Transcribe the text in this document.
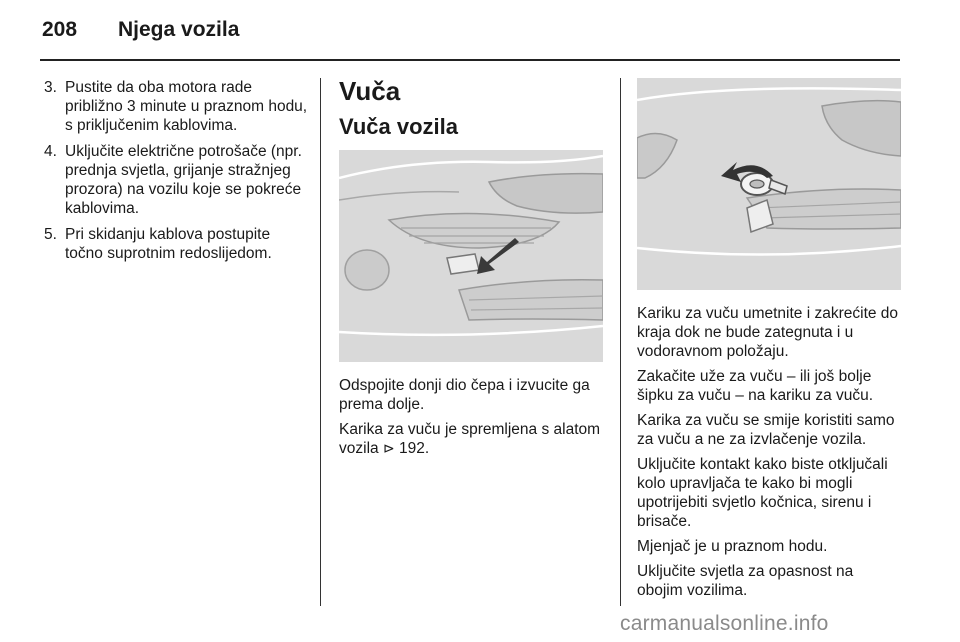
208 Njega vozila
3. Pustite da oba motora rade približno 3 minute u praznom hodu, s priključenim kablovima.
4. Uključite električne potrošače (npr. prednja svjetla, grijanje stražnjeg prozora) na vozilu koje se pokreće kablovima.
5. Pri skidanju kablova postupite točno suprotnim redoslijedom.
Vuča
Vuča vozila

Odspojite donji dio čepa i izvucite ga prema dolje.

Karika za vuču je spremljena s alatom vozila ⊳ 192.

Kariku za vuču umetnite i zakrećite do kraja dok ne bude zategnuta i u vodoravnom položaju.

Zakačite uže za vuču – ili još bolje šipku za vuču – na kariku za vuču.

Karika za vuču se smije koristiti samo za vuču a ne za izvlačenje vozila.

Uključite kontakt kako biste otključali kolo upravljača te kako bi mogli upotrijebiti svjetlo kočnica, sirenu i brisače.

Mjenjač je u praznom hodu.

Uključite svjetla za opasnost na obojim vozilima.

carmanualsonline.info
